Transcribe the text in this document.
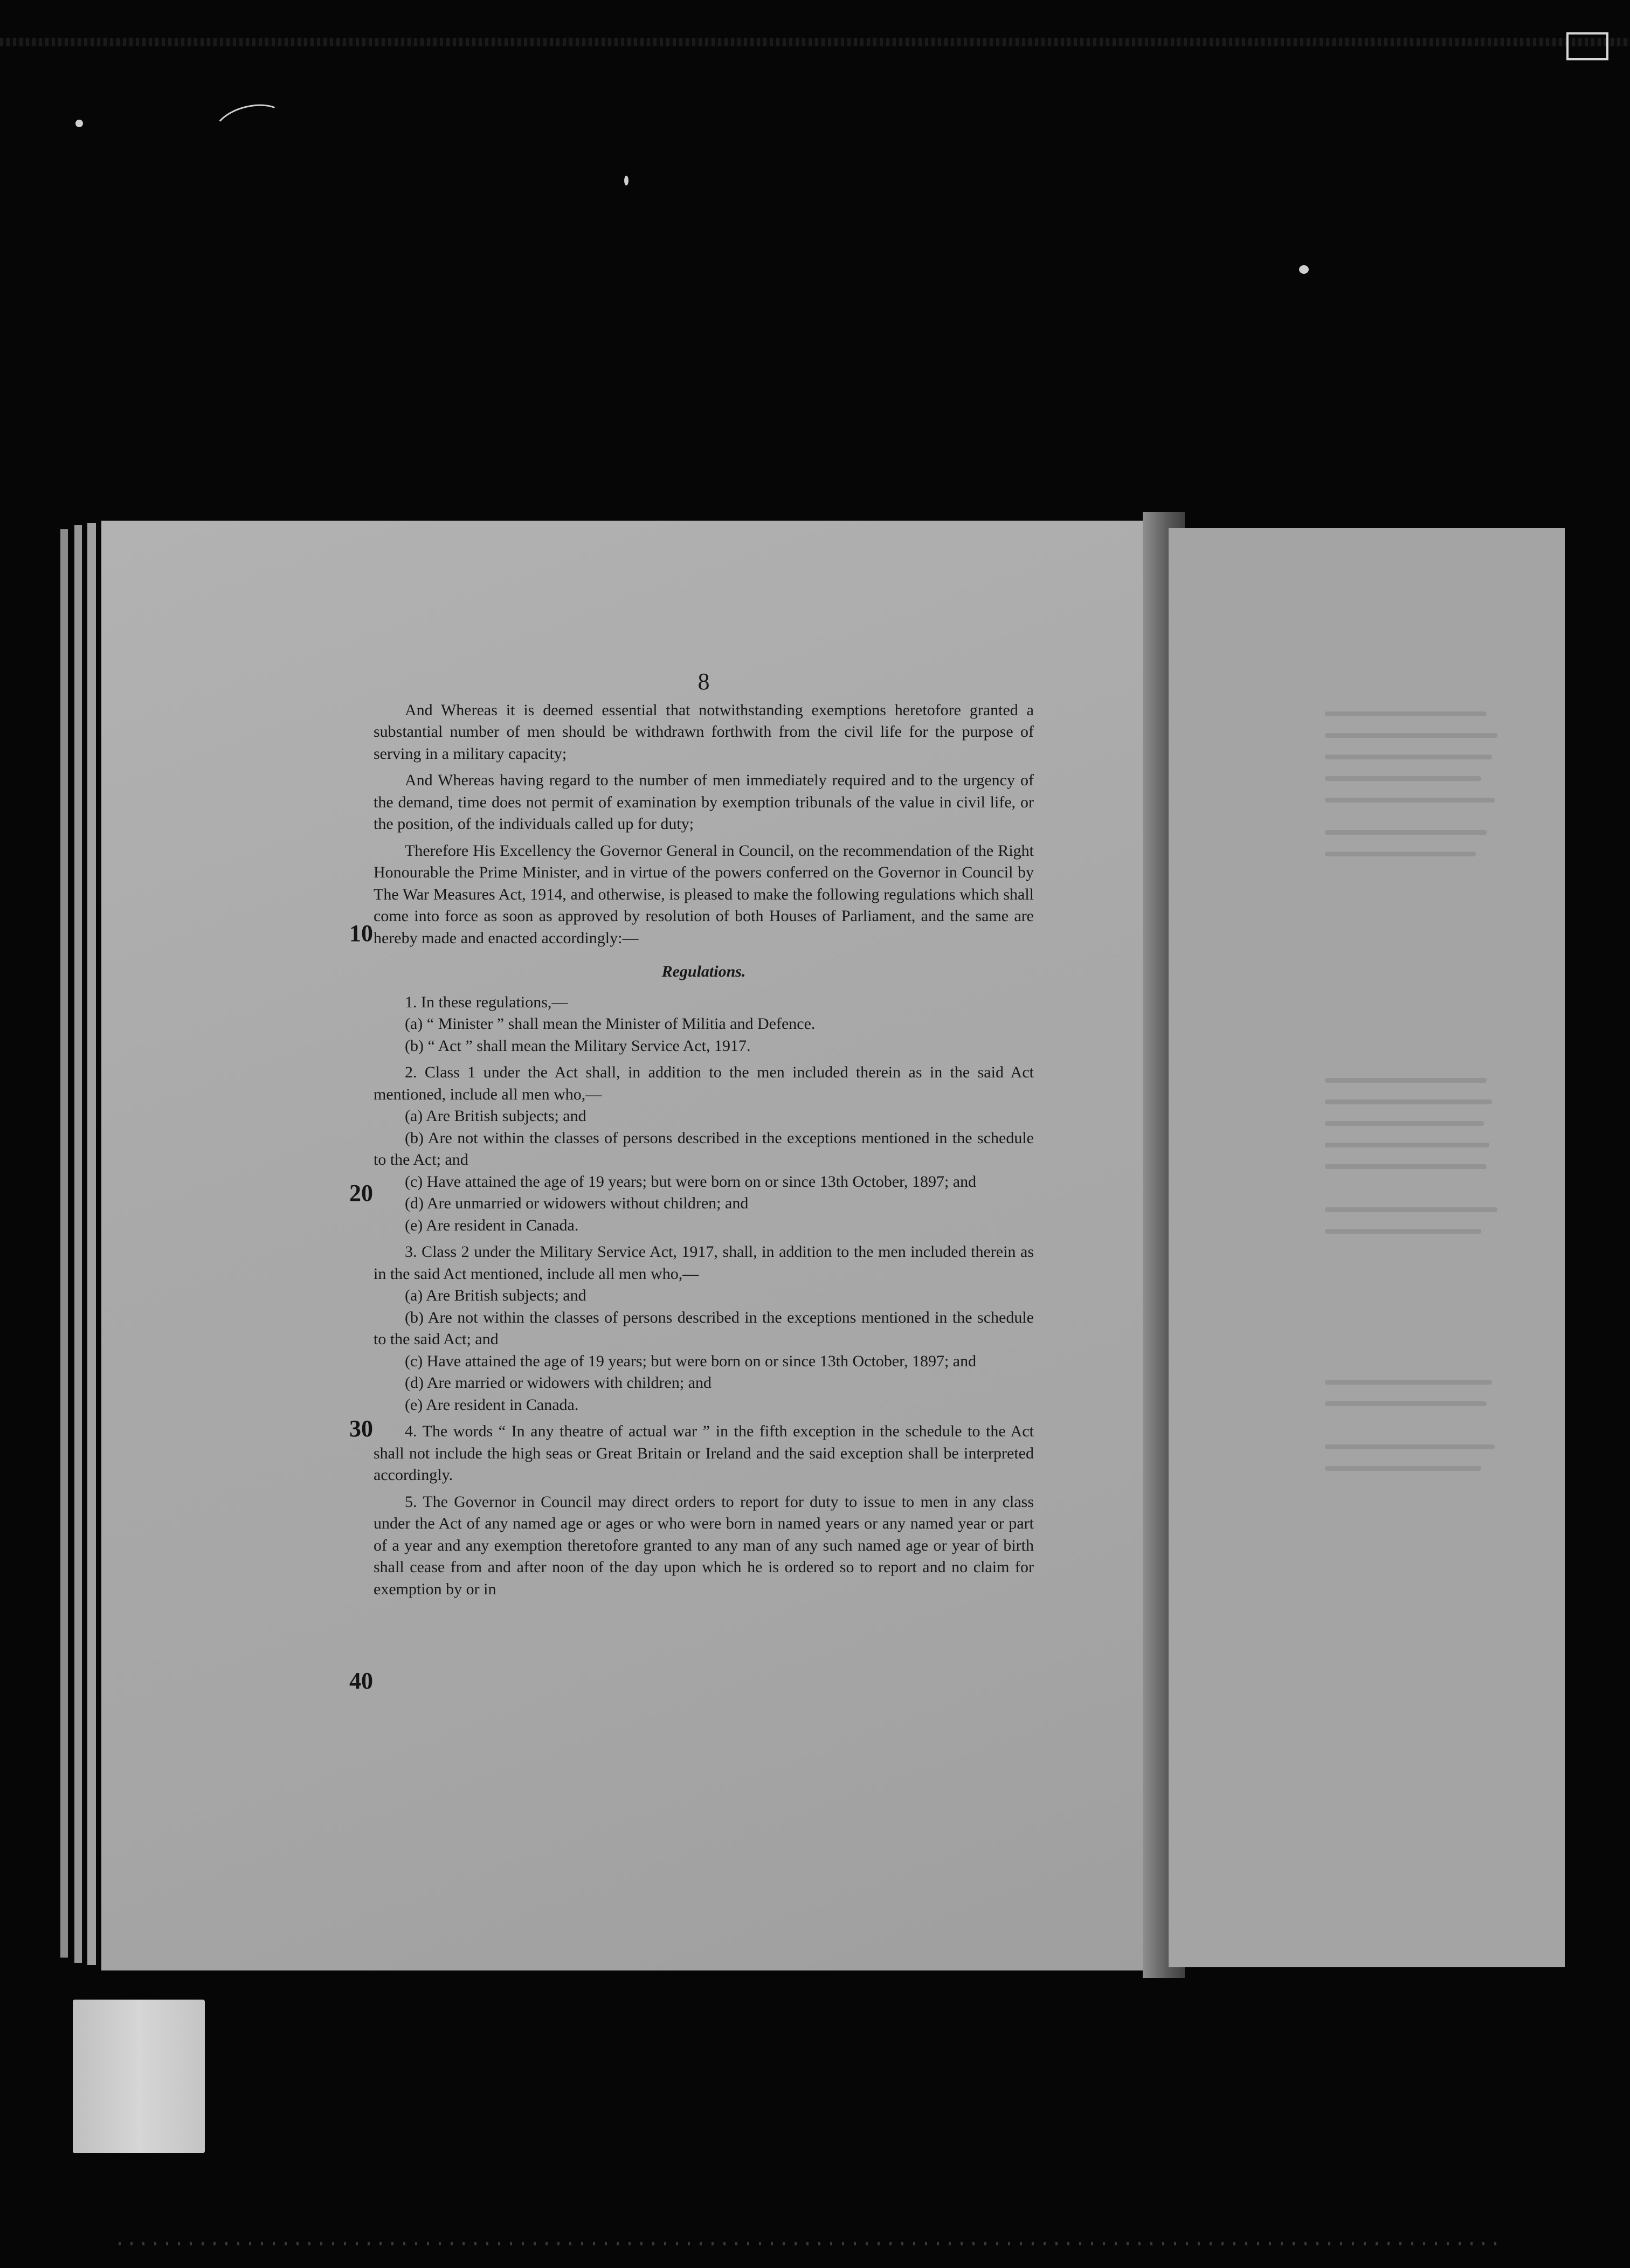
8

And Whereas it is deemed essential that notwithstanding exemptions heretofore granted a substantial number of men should be withdrawn forthwith from the civil life for the purpose of serving in a military capacity;

And Whereas having regard to the number of men immediately required and to the urgency of the demand, time does not permit of examination by exemption tribunals of the value in civil life, or the position, of the individuals called up for duty;

Therefore His Excellency the Governor General in Council, on the recommendation of the Right Honourable the Prime Minister, and in virtue of the powers conferred on the Governor in Council by The War Measures Act, 1914, and otherwise, is pleased to make the following regulations which shall come into force as soon as approved by resolution of both Houses of Parliament, and the same are hereby made and enacted accordingly:—

Regulations.
1. In these regulations,—
(a) “ Minister ” shall mean the Minister of Militia and Defence.
(b) “ Act ” shall mean the Military Service Act, 1917.
2. Class 1 under the Act shall, in addition to the men included therein as in the said Act mentioned, include all men who,—
(a) Are British subjects; and
(b) Are not within the classes of persons described in the exceptions mentioned in the schedule to the Act; and
(c) Have attained the age of 19 years; but were born on or since 13th October, 1897; and
(d) Are unmarried or widowers without children; and
(e) Are resident in Canada.
3. Class 2 under the Military Service Act, 1917, shall, in addition to the men included therein as in the said Act mentioned, include all men who,—
(a) Are British subjects; and
(b) Are not within the classes of persons described in the exceptions mentioned in the schedule to the said Act; and
(c) Have attained the age of 19 years; but were born on or since 13th October, 1897; and
(d) Are married or widowers with children; and
(e) Are resident in Canada.

4. The words “ In any theatre of actual war ” in the fifth exception in the schedule to the Act shall not include the high seas or Great Britain or Ireland and the said exception shall be interpreted accordingly.

5. The Governor in Council may direct orders to report for duty to issue to men in any class under the Act of any named age or ages or who were born in named years or any named year or part of a year and any exemption theretofore granted to any man of any such named age or year of birth shall cease from and after noon of the day upon which he is ordered so to report and no claim for exemption by or in

10
20
30
40
